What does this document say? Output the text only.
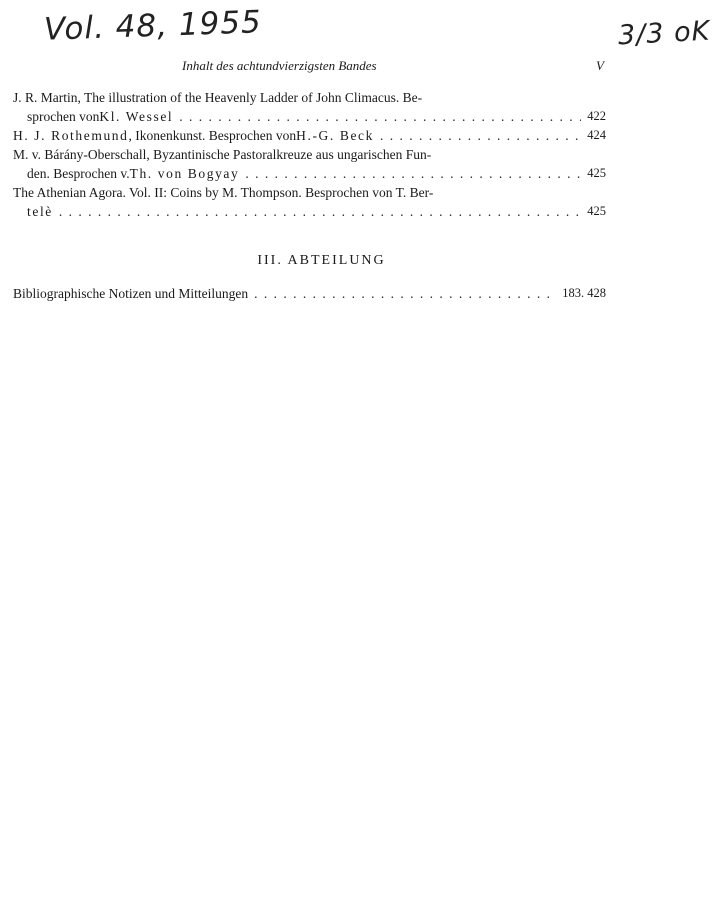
Vol. 48, 1955	3/3 oK
Inhalt des achtundvierzigsten Bandes	V
J. R. Martin, The illustration of the Heavenly Ladder of John Climacus. Be-
sprochen von Kl. Wessel . . .	422
H. J. Rothemund , Ikonenkunst. Besprochen von H.-G. Beck . . .	424
M. v. Bárány-Oberschall, Byzantinische Pastoralkreuze aus ungarischen Fun-
den. Besprochen v. Th. von Bogyay . . .	425
The Athenian Agora. Vol. II: Coins by M. Thompson. Besprochen von T. Ber-
telè . . .	425
III. ABTEILUNG
Bibliographische Notizen und Mitteilungen . . .	183. 428
